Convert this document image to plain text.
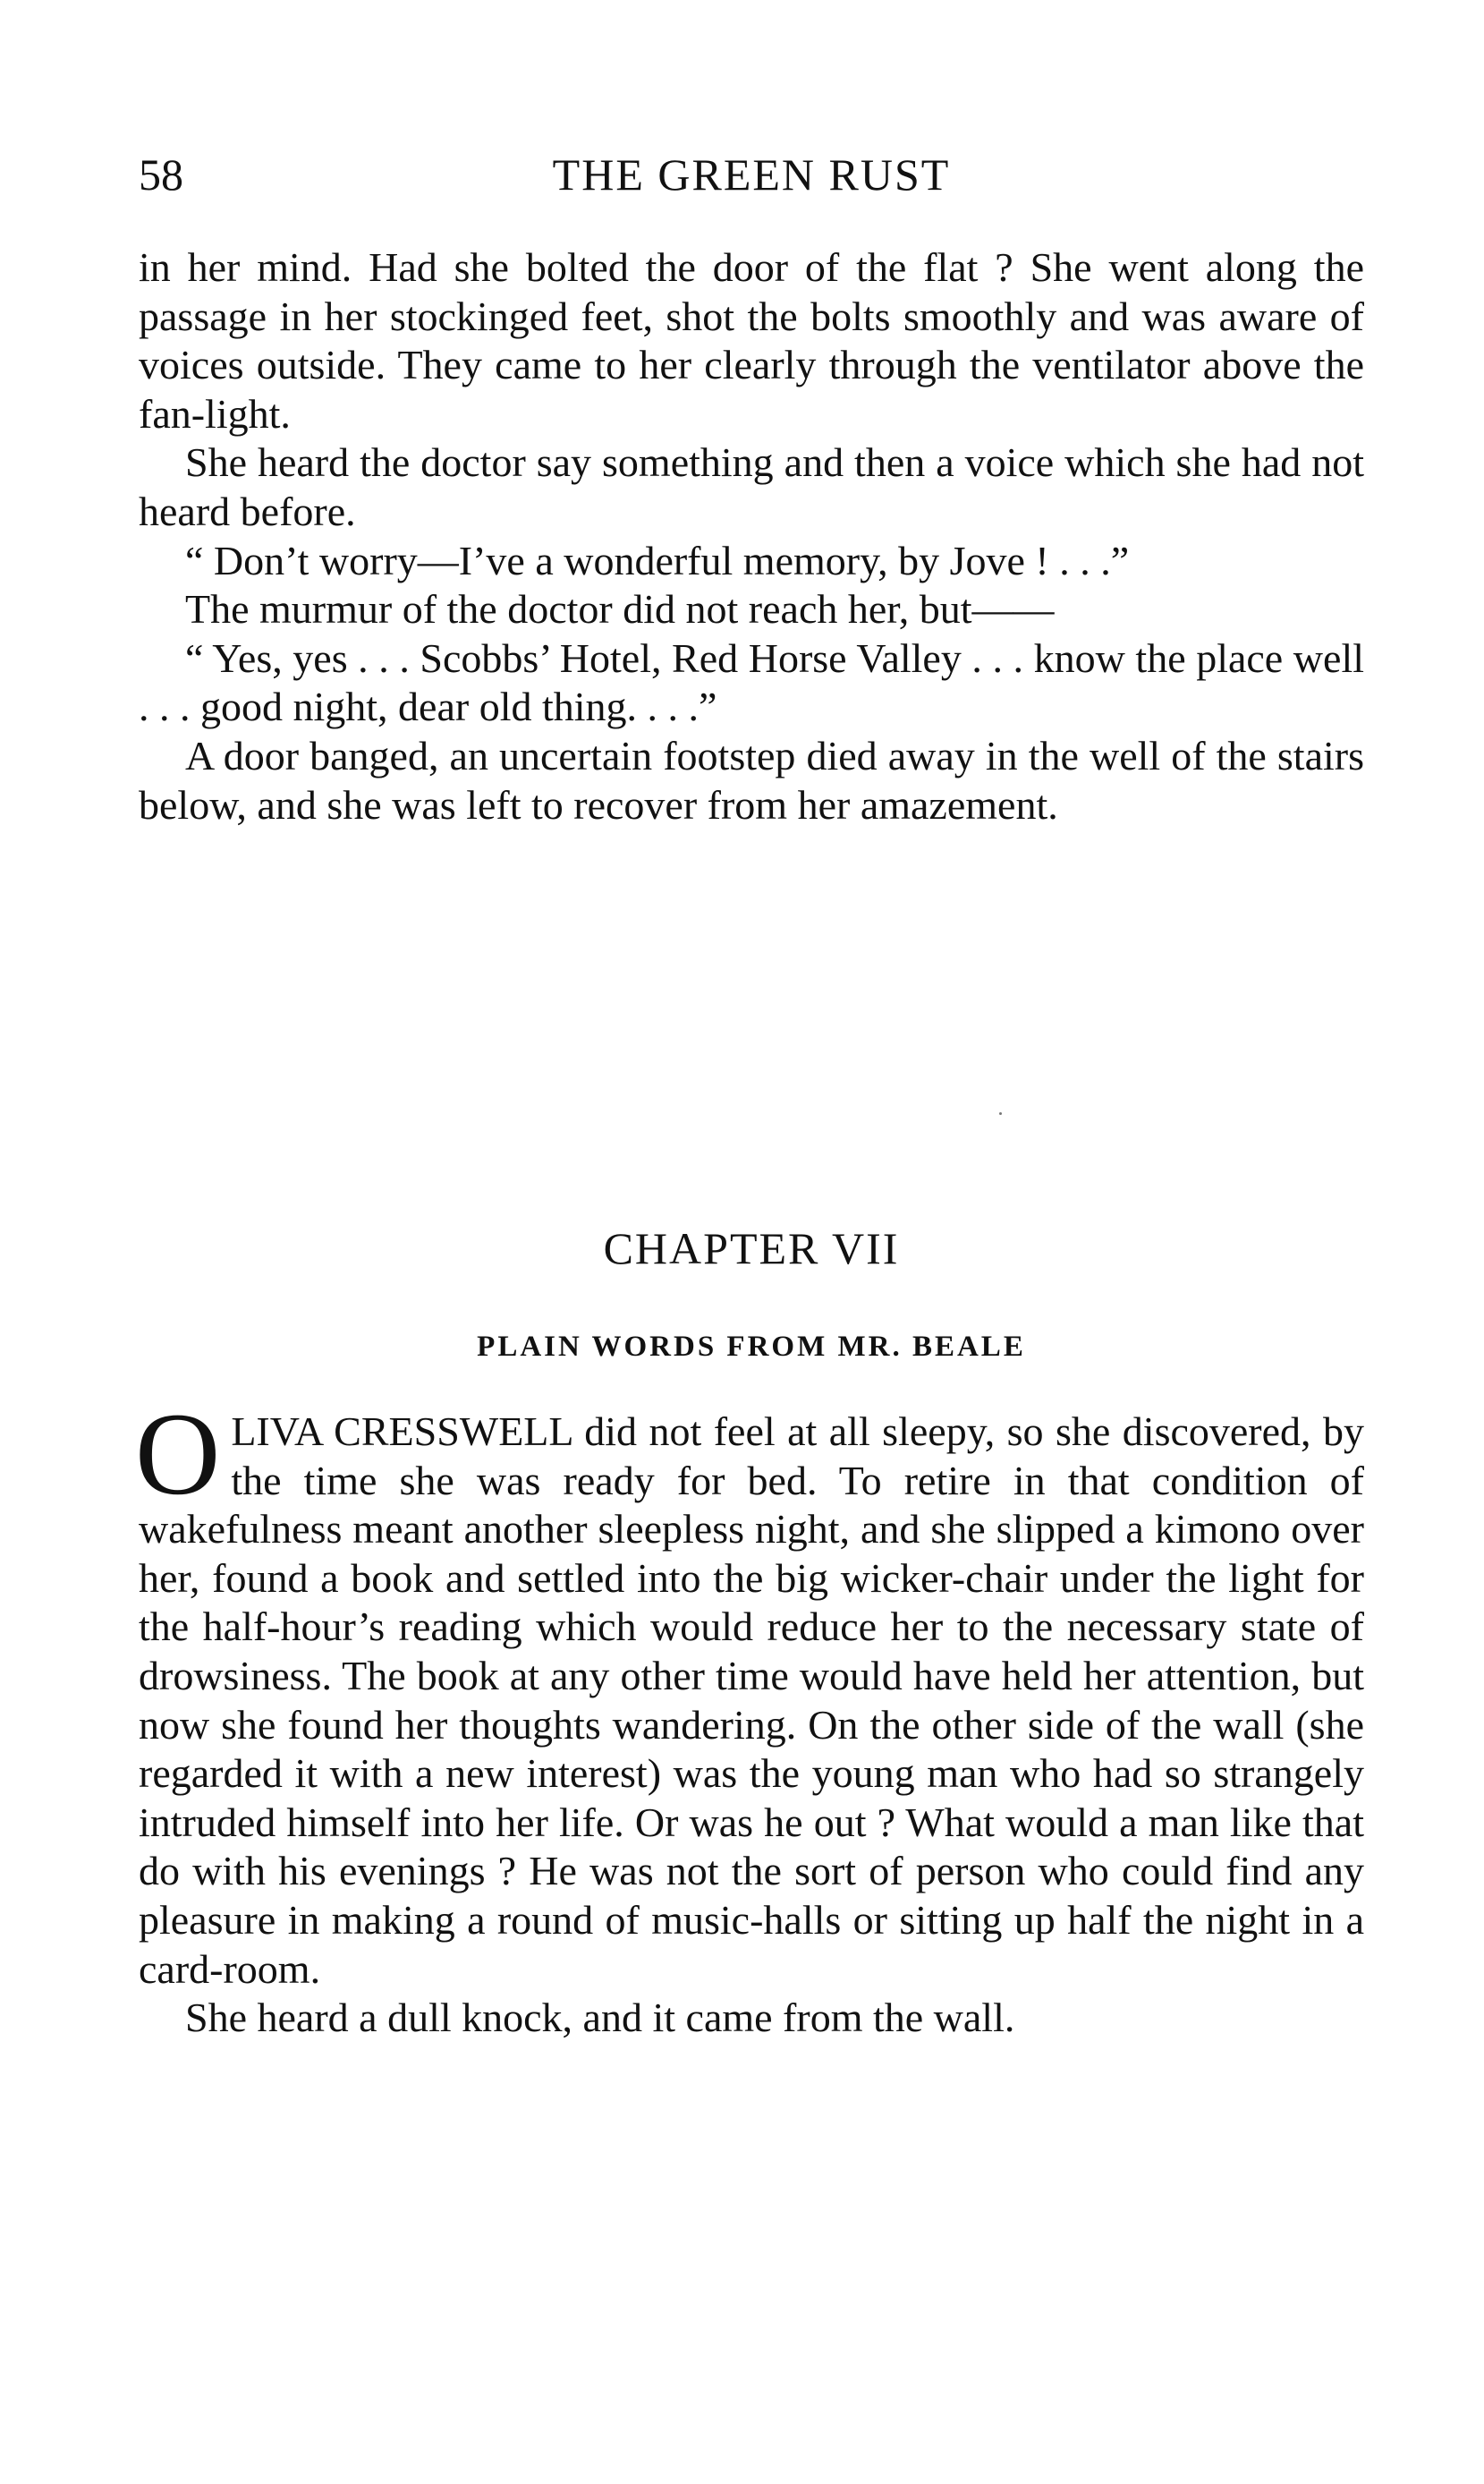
58	THE GREEN RUST

in her mind. Had she bolted the door of the flat ? She went along the passage in her stockinged feet, shot the bolts smoothly and was aware of voices outside. They came to her clearly through the ventilator above the fan-light.

She heard the doctor say something and then a voice which she had not heard before.

“ Don’t worry—I’ve a wonderful memory, by Jove ! . . .”

The murmur of the doctor did not reach her, but——

“ Yes, yes . . . Scobbs’ Hotel, Red Horse Valley . . . know the place well . . . good night, dear old thing. . . .”

A door banged, an uncertain footstep died away in the well of the stairs below, and she was left to recover from her amazement.

CHAPTER VII
PLAIN WORDS FROM MR. BEALE

OLIVA CRESSWELL did not feel at all sleepy, so she discovered, by the time she was ready for bed. To retire in that condition of wakefulness meant another sleepless night, and she slipped a kimono over her, found a book and settled into the big wicker-chair under the light for the half-hour’s reading which would reduce her to the necessary state of drowsiness. The book at any other time would have held her attention, but now she found her thoughts wandering. On the other side of the wall (she regarded it with a new interest) was the young man who had so strangely intruded himself into her life. Or was he out ? What would a man like that do with his evenings ? He was not the sort of person who could find any pleasure in making a round of music-halls or sitting up half the night in a card-room.

She heard a dull knock, and it came from the wall.
